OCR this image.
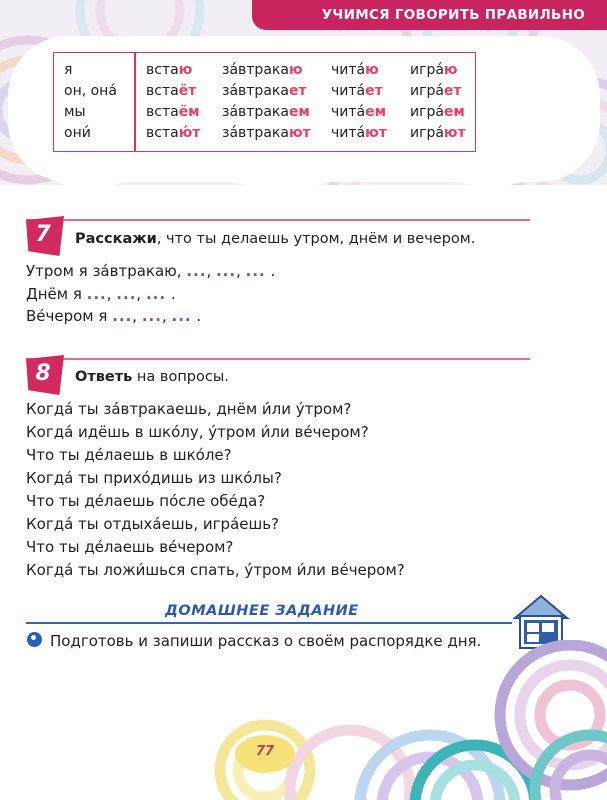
УЧИМСЯ ГОВОРИТЬ ПРАВИЛЬНО
я
он, она́
мы
они́
встаю
встаёт
встаём
встаю́т
за́втракаю
за́втракает
за́втракаем
за́втракают
чита́ю
чита́ет
чита́ем
чита́ют
игра́ю
игра́ет
игра́ем
игра́ют
7	Расскажи, что ты делаешь утром, днём и вечером.
Утром я за́втракаю, ..., ..., ... .
Днём я ..., ..., ... .
Ве́чером я ..., ..., ... .
8	Ответь на вопросы.
Когда́ ты за́втракаешь, днём и́ли у́тром?
Когда́ идёшь в шко́лу, у́тром и́ли ве́чером?
Что ты де́лаешь в шко́ле?
Когда́ ты прихо́дишь из шко́лы?
Что ты де́лаешь по́сле обе́да?
Когда́ ты отдыха́ешь, игра́ешь?
Что ты де́лаешь ве́чером?
Когда́ ты ложи́шься спать, у́тром и́ли ве́чером?
ДОМАШНЕЕ ЗАДАНИЕ
Подготовь и запиши рассказ о своём распорядке дня.
77
